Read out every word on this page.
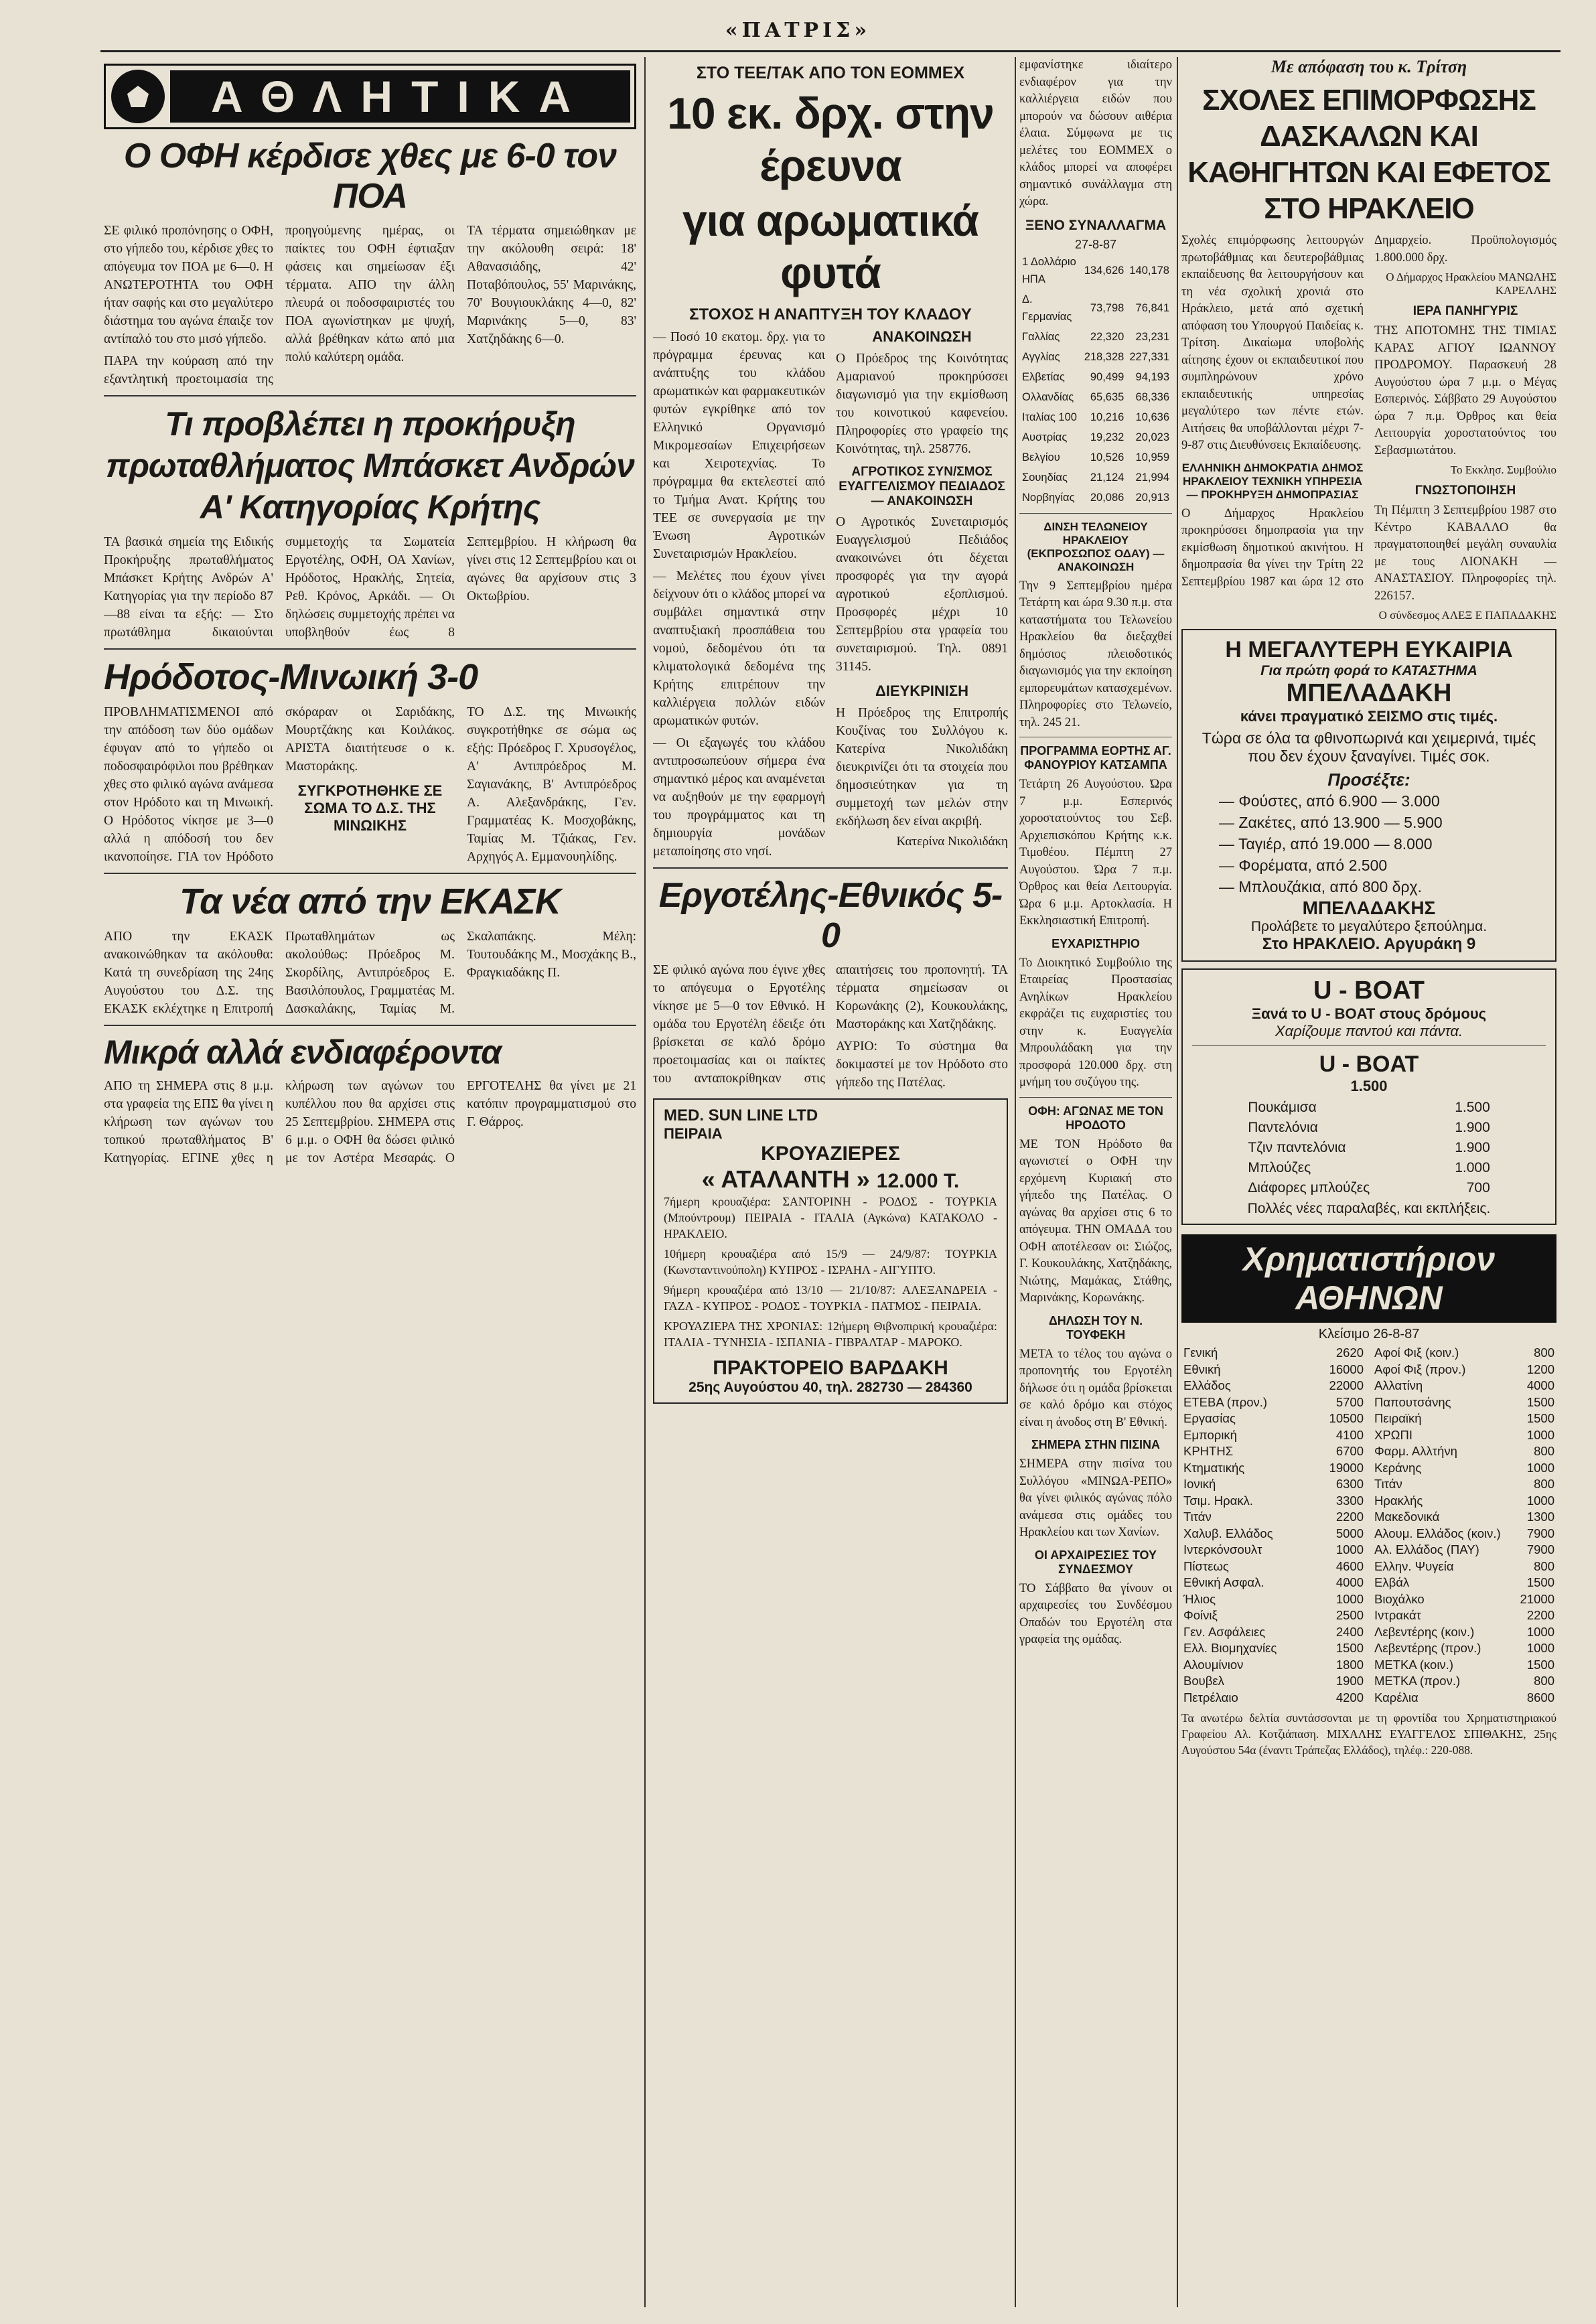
«ΠΑΤΡΙΣ»
ΑΘΛΗΤΙΚΑ
Ο ΟΦΗ κέρδισε χθες με 6-0 τον ΠΟΑ

ΣΕ φιλικό προπόνησης ο ΟΦΗ, στο γήπεδο του, κέρδισε χθες το απόγευμα τον ΠΟΑ με 6—0. Η ΑΝΩΤΕΡΟΤΗΤΑ του ΟΦΗ ήταν σαφής και στο μεγαλύτερο διάστημα του αγώνα έπαιξε τον αντίπαλό του στο μισό γήπεδο.

ΠΑΡΑ την κούραση από την εξαντλητική προετοιμασία της προηγούμενης ημέρας, οι παίκτες του ΟΦΗ έφτιαξαν φάσεις και σημείωσαν έξι τέρματα. ΑΠΟ την άλλη πλευρά οι ποδοσφαιριστές του ΠΟΑ αγωνίστηκαν με ψυχή, αλλά βρέθηκαν κάτω από μια πολύ καλύτερη ομάδα.

ΤΑ τέρματα σημειώθηκαν με την ακόλουθη σειρά: 18' Αθανασιάδης, 42' Ποταβόπουλος, 55' Μαρινάκης, 70' Βουγιουκλάκης 4—0, 82' Μαρινάκης 5—0, 83' Χατζηδάκης 6—0.

Τι προβλέπει η προκήρυξη πρωταθλήματος Μπάσκετ Ανδρών Α' Κατηγορίας Κρήτης

ΤΑ βασικά σημεία της Ειδικής Προκήρυξης πρωταθλήματος Μπάσκετ Κρήτης Ανδρών Α' Κατηγορίας για την περίοδο 87—88 είναι τα εξής: — Στο πρωτάθλημα δικαιούνται συμμετοχής τα Σωματεία Εργοτέλης, ΟΦΗ, ΟΑ Χανίων, Ηρόδοτος, Ηρακλής, Σητεία, Ρεθ. Κρόνος, Αρκάδι. — Οι δηλώσεις συμμετοχής πρέπει να υποβληθούν έως 8 Σεπτεμβρίου. Η κλήρωση θα γίνει στις 12 Σεπτεμβρίου και οι αγώνες θα αρχίσουν στις 3 Οκτωβρίου.

Ηρόδοτος-Μινωική 3-0

ΠΡΟΒΛΗΜΑΤΙΣΜΕΝΟΙ από την απόδοση των δύο ομάδων έφυγαν από το γήπεδο οι ποδοσφαιρόφιλοι που βρέθηκαν χθες στο φιλικό αγώνα ανάμεσα στον Ηρόδοτο και τη Μινωική. Ο Ηρόδοτος νίκησε με 3—0 αλλά η απόδοσή του δεν ικανοποίησε. ΓΙΑ τον Ηρόδοτο σκόραραν οι Σαριδάκης, Μουρτζάκης και Κοιλάκος. ΑΡΙΣΤΑ διαιτήτευσε ο κ. Μαστοράκης.

ΣΥΓΚΡΟΤΗΘΗΚΕ ΣΕ ΣΩΜΑ ΤΟ Δ.Σ. ΤΗΣ ΜΙΝΩΙΚΗΣ

ΤΟ Δ.Σ. της Μινωικής συγκροτήθηκε σε σώμα ως εξής: Πρόεδρος Γ. Χρυσογέλος, Α' Αντιπρόεδρος Μ. Σαγιανάκης, Β' Αντιπρόεδρος Α. Αλεξανδράκης, Γεν. Γραμματέας Κ. Μοσχοβάκης, Ταμίας Μ. Τζιάκας, Γεν. Αρχηγός Α. Εμμανουηλίδης.

Τα νέα από την ΕΚΑΣΚ

ΑΠΟ την ΕΚΑΣΚ ανακοινώθηκαν τα ακόλουθα: Κατά τη συνεδρίαση της 24ης Αυγούστου του Δ.Σ. της ΕΚΑΣΚ εκλέχτηκε η Επιτροπή Πρωταθλημάτων ως ακολούθως: Πρόεδρος Μ. Σκορδίλης, Αντιπρόεδρος Ε. Βασιλόπουλος, Γραμματέας Μ. Δασκαλάκης, Ταμίας Μ. Σκαλαπάκης. Μέλη: Τουτουδάκης Μ., Μοσχάκης Β., Φραγκιαδάκης Π.

Μικρά αλλά ενδιαφέροντα

ΑΠΟ τη ΣΗΜΕΡΑ στις 8 μ.μ. στα γραφεία της ΕΠΣ θα γίνει η κλήρωση των αγώνων του τοπικού πρωταθλήματος Β' Κατηγορίας. ΕΓΙΝΕ χθες η κλήρωση των αγώνων του κυπέλλου που θα αρχίσει στις 25 Σεπτεμβρίου. ΣΗΜΕΡΑ στις 6 μ.μ. ο ΟΦΗ θα δώσει φιλικό με τον Αστέρα Μεσαράς. Ο ΕΡΓΟΤΕΛΗΣ θα γίνει με 21 κατόπιν προγραμματισμού στο Γ. Θάρρος.

ΣΤΟ ΤΕΕ/ΤΑΚ ΑΠΟ ΤΟΝ ΕΟΜΜΕΧ
10 εκ. δρχ. στην έρευνα
για αρωματικά φυτά
ΣΤΟΧΟΣ Η ΑΝΑΠΤΥΞΗ ΤΟΥ ΚΛΑΔΟΥ

— Ποσό 10 εκατομ. δρχ. για το πρόγραμμα έρευνας και ανάπτυξης του κλάδου αρωματικών και φαρμακευτικών φυτών εγκρίθηκε από τον Ελληνικό Οργανισμό Μικρομεσαίων Επιχειρήσεων και Χειροτεχνίας. Το πρόγραμμα θα εκτελεστεί από το Τμήμα Ανατ. Κρήτης του ΤΕΕ σε συνεργασία με την Ένωση Αγροτικών Συνεταιρισμών Ηρακλείου.

— Μελέτες που έχουν γίνει δείχνουν ότι ο κλάδος μπορεί να συμβάλει σημαντικά στην αναπτυξιακή προσπάθεια του νομού, δεδομένου ότι τα κλιματολογικά δεδομένα της Κρήτης επιτρέπουν την καλλιέργεια πολλών ειδών αρωματικών φυτών.

— Οι εξαγωγές του κλάδου αντιπροσωπεύουν σήμερα ένα σημαντικό μέρος και αναμένεται να αυξηθούν με την εφαρμογή του προγράμματος και τη δημιουργία μονάδων μεταποίησης στο νησί.

ΑΝΑΚΟΙΝΩΣΗ

Ο Πρόεδρος της Κοινότητας Αμαριανού προκηρύσσει διαγωνισμό για την εκμίσθωση του κοινοτικού καφενείου. Πληροφορίες στο γραφείο της Κοινότητας, τηλ. 258776.

ΑΓΡΟΤΙΚΟΣ ΣΥΝ/ΣΜΟΣ ΕΥΑΓΓΕΛΙΣΜΟΥ ΠΕΔΙΑΔΟΣ — ΑΝΑΚΟΙΝΩΣΗ

Ο Αγροτικός Συνεταιρισμός Ευαγγελισμού Πεδιάδος ανακοινώνει ότι δέχεται προσφορές για την αγορά αγροτικού εξοπλισμού. Προσφορές μέχρι 10 Σεπτεμβρίου στα γραφεία του συνεταιρισμού. Τηλ. 0891 31145.

ΔΙΕΥΚΡΙΝΙΣΗ

Η Πρόεδρος της Επιτροπής Κουζίνας του Συλλόγου κ. Κατερίνα Νικολιδάκη διευκρινίζει ότι τα στοιχεία που δημοσιεύτηκαν για τη συμμετοχή των μελών στην εκδήλωση δεν είναι ακριβή.

Κατερίνα Νικολιδάκη
Εργοτέλης-Εθνικός 5-0

ΣΕ φιλικό αγώνα που έγινε χθες το απόγευμα ο Εργοτέλης νίκησε με 5—0 τον Εθνικό. Η ομάδα του Εργοτέλη έδειξε ότι βρίσκεται σε καλό δρόμο προετοιμασίας και οι παίκτες του ανταποκρίθηκαν στις απαιτήσεις του προπονητή. ΤΑ τέρματα σημείωσαν οι Κορωνάκης (2), Κουκουλάκης, Μαστοράκης και Χατζηδάκης.

ΑΥΡΙΟ: Το σύστημα θα δοκιμαστεί με τον Ηρόδοτο στο γήπεδο της Πατέλας.

MED. SUN LINE LTD
ΠΕΙΡΑΙΑ
ΚΡΟΥΑΖΙΕΡΕΣ
« ΑΤΑΛΑΝΤΗ » 12.000 Τ.

7ήμερη κρουαζιέρα: ΣΑΝΤΟΡΙΝΗ - ΡΟΔΟΣ - ΤΟΥΡΚΙΑ (Μπούντρουμ) ΠΕΙΡΑΙΑ - ΙΤΑΛΙΑ (Αγκώνα) ΚΑΤΑΚΟΛΟ - ΗΡΑΚΛΕΙΟ.

10ήμερη κρουαζιέρα από 15/9 — 24/9/87: ΤΟΥΡΚΙΑ (Κωνσταντινούπολη) ΚΥΠΡΟΣ - ΙΣΡΑΗΛ - ΑΙΓΥΠΤΟ.

9ήμερη κρουαζιέρα από 13/10 — 21/10/87: ΑΛΕΞΑΝΔΡΕΙΑ - ΓΑΖΑ - ΚΥΠΡΟΣ - ΡΟΔΟΣ - ΤΟΥΡΚΙΑ - ΠΑΤΜΟΣ - ΠΕΙΡΑΙΑ.

ΚΡΟΥΑΖΙΕΡΑ ΤΗΣ ΧΡΟΝΙΑΣ: 12ήμερη Θιβνοπιρική κρουαζιέρα: ΙΤΑΛΙΑ - ΤΥΝΗΣΙΑ - ΙΣΠΑΝΙΑ - ΓΙΒΡΑΛΤΑΡ - ΜΑΡΟΚΟ.

ΠΡΑΚΤΟΡΕΙΟ ΒΑΡΔΑΚΗ
25ης Αυγούστου 40, τηλ. 282730 — 284360

εμφανίστηκε ιδιαίτερο ενδιαφέρον για την καλλιέργεια ειδών που μπορούν να δώσουν αιθέρια έλαια. Σύμφωνα με τις μελέτες του ΕΟΜΜΕΧ ο κλάδος μπορεί να αποφέρει σημαντικό συνάλλαγμα στη χώρα.

ΞΕΝΟ ΣΥΝΑΛΛΑΓΜΑ
27-8-87
1 Δολλάριο ΗΠΑ	134,626	140,178
Δ. Γερμανίας	73,798	76,841
Γαλλίας	22,320	23,231
Αγγλίας	218,328	227,331
Ελβετίας	90,499	94,193
Ολλανδίας	65,635	68,336
Ιταλίας 100	10,216	10,636
Αυστρίας	19,232	20,023
Βελγίου	10,526	10,959
Σουηδίας	21,124	21,994
Νορβηγίας	20,086	20,913
ΔΙΝΣΗ ΤΕΛΩΝΕΙΟΥ ΗΡΑΚΛΕΙΟΥ (ΕΚΠΡΟΣΩΠΟΣ ΟΔΑΥ) — ΑΝΑΚΟΙΝΩΣΗ

Την 9 Σεπτεμβρίου ημέρα Τετάρτη και ώρα 9.30 π.μ. στα καταστήματα του Τελωνείου Ηρακλείου θα διεξαχθεί δημόσιος πλειοδοτικός διαγωνισμός για την εκποίηση εμπορευμάτων κατασχεμένων. Πληροφορίες στο Τελωνείο, τηλ. 245 21.

ΠΡΟΓΡΑΜΜΑ ΕΟΡΤΗΣ ΑΓ. ΦΑΝΟΥΡΙΟΥ ΚΑΤΣΑΜΠΑ

Τετάρτη 26 Αυγούστου. Ώρα 7 μ.μ. Εσπερινός χοροστατούντος του Σεβ. Αρχιεπισκόπου Κρήτης κ.κ. Τιμοθέου. Πέμπτη 27 Αυγούστου. Ώρα 7 π.μ. Όρθρος και θεία Λειτουργία. Ώρα 6 μ.μ. Αρτοκλασία. Η Εκκλησιαστική Επιτροπή.

ΕΥΧΑΡΙΣΤΗΡΙΟ

Το Διοικητικό Συμβούλιο της Εταιρείας Προστασίας Ανηλίκων Ηρακλείου εκφράζει τις ευχαριστίες του στην κ. Ευαγγελία Μπρουλάδακη για την προσφορά 120.000 δρχ. στη μνήμη του συζύγου της.

ΟΦΗ: ΑΓΩΝΑΣ ΜΕ ΤΟΝ ΗΡΟΔΟΤΟ

ΜΕ ΤΟΝ Ηρόδοτο θα αγωνιστεί ο ΟΦΗ την ερχόμενη Κυριακή στο γήπεδο της Πατέλας. Ο αγώνας θα αρχίσει στις 6 το απόγευμα. ΤΗΝ ΟΜΑΔΑ του ΟΦΗ αποτέλεσαν οι: Σιώζος, Γ. Κουκουλάκης, Χατζηδάκης, Νιώτης, Μαμάκας, Στάθης, Μαρινάκης, Κορωνάκης.

ΔΗΛΩΣΗ ΤΟΥ Ν. ΤΟΥΦΕΚΗ

ΜΕΤΑ το τέλος του αγώνα ο προπονητής του Εργοτέλη δήλωσε ότι η ομάδα βρίσκεται σε καλό δρόμο και στόχος είναι η άνοδος στη Β' Εθνική.

ΣΗΜΕΡΑ ΣΤΗΝ ΠΙΣΙΝΑ

ΣΗΜΕΡΑ στην πισίνα του Συλλόγου «ΜΙΝΩΑ-ΡΕΠΟ» θα γίνει φιλικός αγώνας πόλο ανάμεσα στις ομάδες του Ηρακλείου και των Χανίων.

ΟΙ ΑΡΧΑΙΡΕΣΙΕΣ ΤΟΥ ΣΥΝΔΕΣΜΟΥ

ΤΟ Σάββατο θα γίνουν οι αρχαιρεσίες του Συνδέσμου Οπαδών του Εργοτέλη στα γραφεία της ομάδας.

Με απόφαση του κ. Τρίτση
ΣΧΟΛΕΣ ΕΠΙΜΟΡΦΩΣΗΣ ΔΑΣΚΑΛΩΝ ΚΑΙ ΚΑΘΗΓΗΤΩΝ ΚΑΙ ΕΦΕΤΟΣ ΣΤΟ ΗΡΑΚΛΕΙΟ

Σχολές επιμόρφωσης λειτουργών πρωτοβάθμιας και δευτεροβάθμιας εκπαίδευσης θα λειτουργήσουν και τη νέα σχολική χρονιά στο Ηράκλειο, μετά από σχετική απόφαση του Υπουργού Παιδείας κ. Τρίτση. Δικαίωμα υποβολής αίτησης έχουν οι εκπαιδευτικοί που συμπληρώνουν χρόνο εκπαιδευτικής υπηρεσίας μεγαλύτερο των πέντε ετών. Αιτήσεις θα υποβάλλονται μέχρι 7-9-87 στις Διευθύνσεις Εκπαίδευσης.

ΕΛΛΗΝΙΚΗ ΔΗΜΟΚΡΑΤΙΑ ΔΗΜΟΣ ΗΡΑΚΛΕΙΟΥ ΤΕΧΝΙΚΗ ΥΠΗΡΕΣΙΑ — ΠΡΟΚΗΡΥΞΗ ΔΗΜΟΠΡΑΣΙΑΣ

Ο Δήμαρχος Ηρακλείου προκηρύσσει δημοπρασία για την εκμίσθωση δημοτικού ακινήτου. Η δημοπρασία θα γίνει την Τρίτη 22 Σεπτεμβρίου 1987 και ώρα 12 στο Δημαρχείο. Προϋπολογισμός 1.800.000 δρχ.

Ο Δήμαρχος Ηρακλείου ΜΑΝΩΛΗΣ ΚΑΡΕΛΛΗΣ
ΙΕΡΑ ΠΑΝΗΓΥΡΙΣ

ΤΗΣ ΑΠΟΤΟΜΗΣ ΤΗΣ ΤΙΜΙΑΣ ΚΑΡΑΣ ΑΓΙΟΥ ΙΩΑΝΝΟΥ ΠΡΟΔΡΟΜΟΥ. Παρασκευή 28 Αυγούστου ώρα 7 μ.μ. ο Μέγας Εσπερινός. Σάββατο 29 Αυγούστου ώρα 7 π.μ. Όρθρος και θεία Λειτουργία χοροστατούντος του Σεβασμιωτάτου.

Το Εκκλησ. Συμβούλιο
ΓΝΩΣΤΟΠΟΙΗΣΗ

Τη Πέμπτη 3 Σεπτεμβρίου 1987 στο Κέντρο ΚΑΒΑΛΛΟ θα πραγματοποιηθεί μεγάλη συναυλία με τους ΛΙΟΝΑΚΗ — ΑΝΑΣΤΑΣΙΟΥ. Πληροφορίες τηλ. 226157.

Ο σύνδεσμος ΑΛΕΞ Ε ΠΑΠΑΔΑΚΗΣ
Η ΜΕΓΑΛΥΤΕΡΗ ΕΥΚΑΙΡΙΑ
Για πρώτη φορά το ΚΑΤΑΣΤΗΜΑ
ΜΠΕΛΑΔΑΚΗ
κάνει πραγματικό ΣΕΙΣΜΟ στις τιμές.
Τώρα σε όλα τα φθινοπωρινά και χειμερινά, τιμές που δεν έχουν ξαναγίνει. Τιμές σοκ.
Προσέξτε:
— Φούστες, από 6.900 — 3.000
— Ζακέτες, από 13.900 — 5.900
— Ταγιέρ, από 19.000 — 8.000
— Φορέματα, από 2.500
— Μπλουζάκια, από 800 δρχ.
ΜΠΕΛΑΔΑΚΗΣ
Προλάβετε το μεγαλύτερο ξεπούλημα.
Στο ΗΡΑΚΛΕΙΟ. Αργυράκη 9
U - BOAT
Ξανά το U - BOAT στους δρόμους
Χαρίζουμε παντού και πάντα.
U - BOAT
1.500
Πουκάμισα	1.500
Παντελόνια	1.900
Τζιν παντελόνια	1.900
Μπλούζες	1.000
Διάφορες μπλούζες	700
Πολλές νέες παραλαβές, και εκπλήξεις.
Χρηματιστήριον ΑΘΗΝΩΝ
Κλείσιμο 26-8-87
Γενική	2620
Εθνική	16000
Ελλάδος	22000
ΕΤΕΒΑ (προν.)	5700
Εργασίας	10500
Εμπορική	4100
ΚΡΗΤΗΣ	6700
Κτηματικής	19000
Ιονική	6300
Τσιμ. Ηρακλ.	3300
Τιτάν	2200
Χαλυβ. Ελλάδος	5000
Ιντερκόνσουλτ	1000
Πίστεως	4600
Εθνική Ασφαλ.	4000
Ήλιος	1000
Φοίνιξ	2500
Γεν. Ασφάλειες	2400
Ελλ. Βιομηχανίες	1500
Αλουμίνιον	1800
Βουβελ	1900
Πετρέλαιο	4200
Αφοί Φιξ (κοιν.)	800
Αφοί Φιξ (προν.)	1200
Αλλατίνη	4000
Παπουτσάνης	1500
Πειραϊκή	1500
ΧΡΩΠΙ	1000
Φαρμ. Αλλτήνη	800
Κεράνης	1000
Τιτάν	800
Ηρακλής	1000
Μακεδονικά	1300
Αλουμ. Ελλάδος (κοιν.)	7900
Αλ. Ελλάδος (ΠΑΥ)	7900
Ελλην. Ψυγεία	800
Ελβάλ	1500
Βιοχάλκο	21000
Ιντρακάτ	2200
Λεβεντέρης (κοιν.)	1000
Λεβεντέρης (προν.)	1000
ΜΕΤΚΑ (κοιν.)	1500
ΜΕΤΚΑ (προν.)	800
Καρέλια	8600

Τα ανωτέρω δελτία συντάσσονται με τη φροντίδα του Χρηματιστηριακού Γραφείου Αλ. Κοτζιάπαση. ΜΙΧΑΛΗΣ ΕΥΑΓΓΕΛΟΣ ΣΠΙΘΑΚΗΣ, 25ης Αυγούστου 54α (έναντι Τράπεζας Ελλάδος), τηλέφ.: 220-088.
